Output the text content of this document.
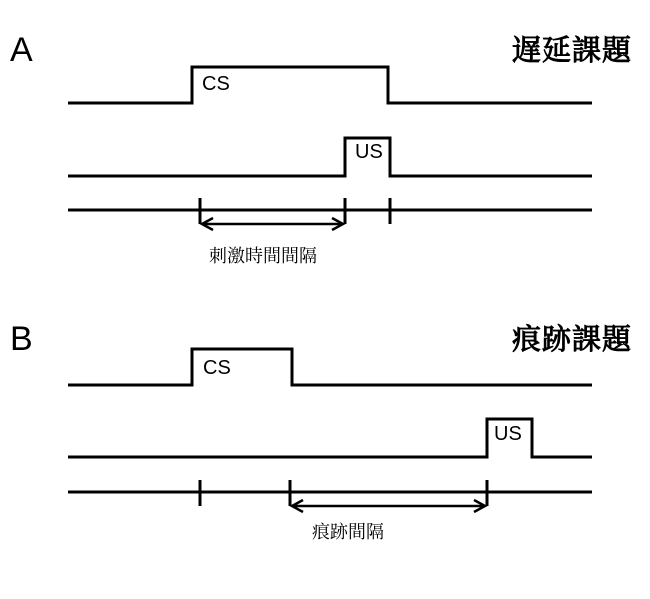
A	遅延課題
CS
US
刺激時間間隔
B	痕跡課題
CS
US
痕跡間隔
